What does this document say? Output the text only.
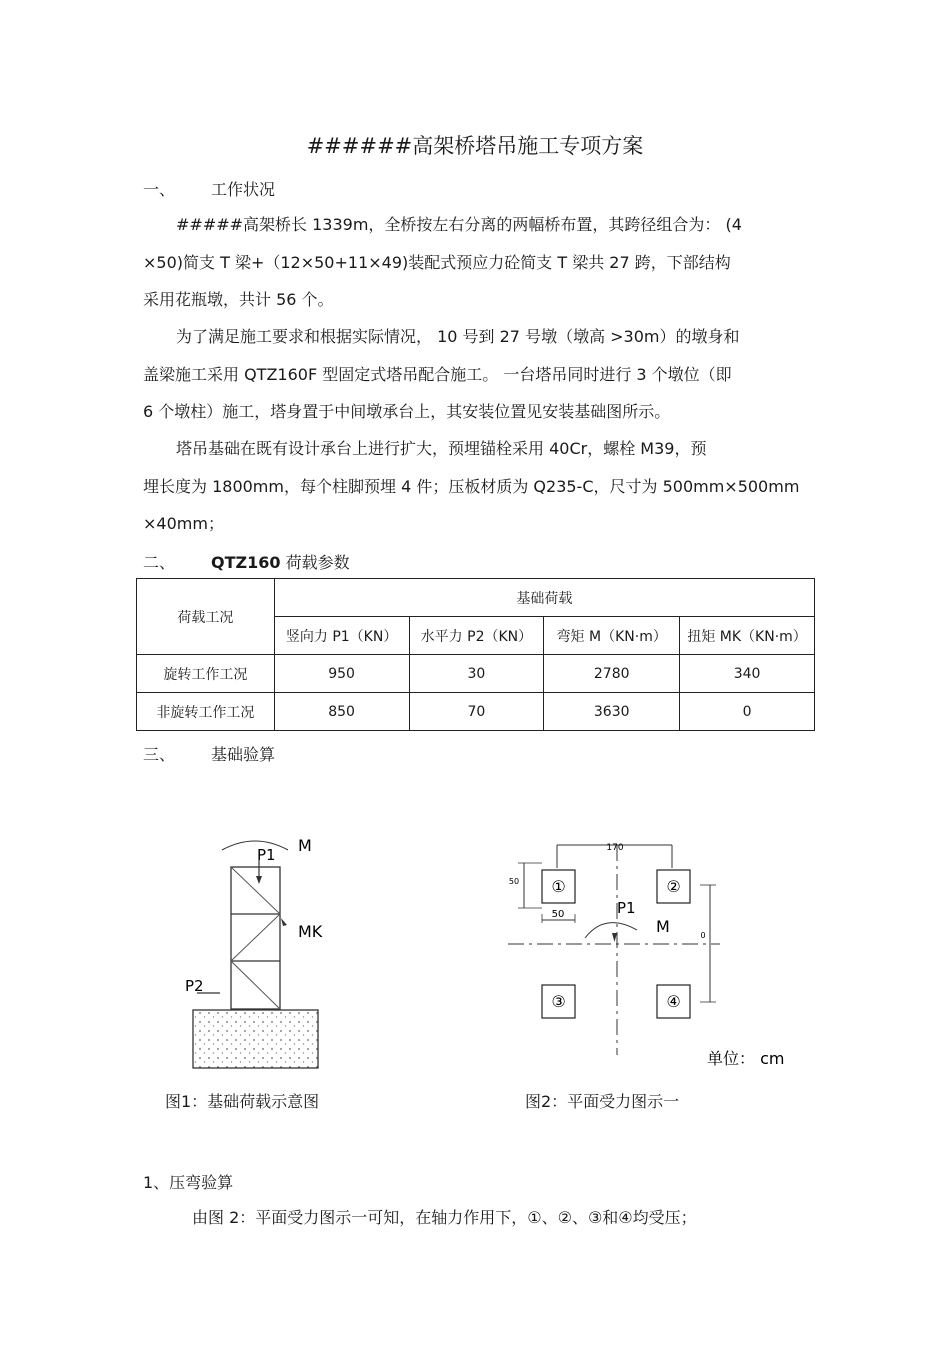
######高架桥塔吊施工专项方案
一、 工作状况
#####高架桥长 1339m，全桥按左右分离的两幅桥布置，其跨径组合为： (4
×50)简支 T 梁+（12×50+11×49)装配式预应力砼简支 T 梁共 27 跨，下部结构
采用花瓶墩，共计 56 个。
为了满足施工要求和根据实际情况， 10 号到 27 号墩（墩高 >30m）的墩身和
盖梁施工采用 QTZ160F 型固定式塔吊配合施工。 一台塔吊同时进行 3 个墩位（即
6 个墩柱）施工，塔身置于中间墩承台上，其安装位置见安装基础图所示。
塔吊基础在既有设计承台上进行扩大，预埋锚栓采用 40Cr，螺栓 M39，预
埋长度为 1800mm，每个柱脚预埋 4 件；压板材质为 Q235-C，尺寸为 500mm×500mm
×40mm；
二、 QTZ160 荷载参数
荷载工况	基础荷载			
	竖向力 P1（KN）	水平力 P2（KN）	弯矩 M（KN·m）	扭矩 MK（KN·m）
旋转工作工况	950	30	2780	340
非旋转工作工况	850	70	3630	0
三、 基础验算
P1 M
MK
P2
170
①	②
③	④
50
50
0
P1
M
单位： cm
图1：基础荷载示意图	图2：平面受力图示一
1、压弯验算
由图 2：平面受力图示一可知，在轴力作用下，①、②、③和④均受压；
